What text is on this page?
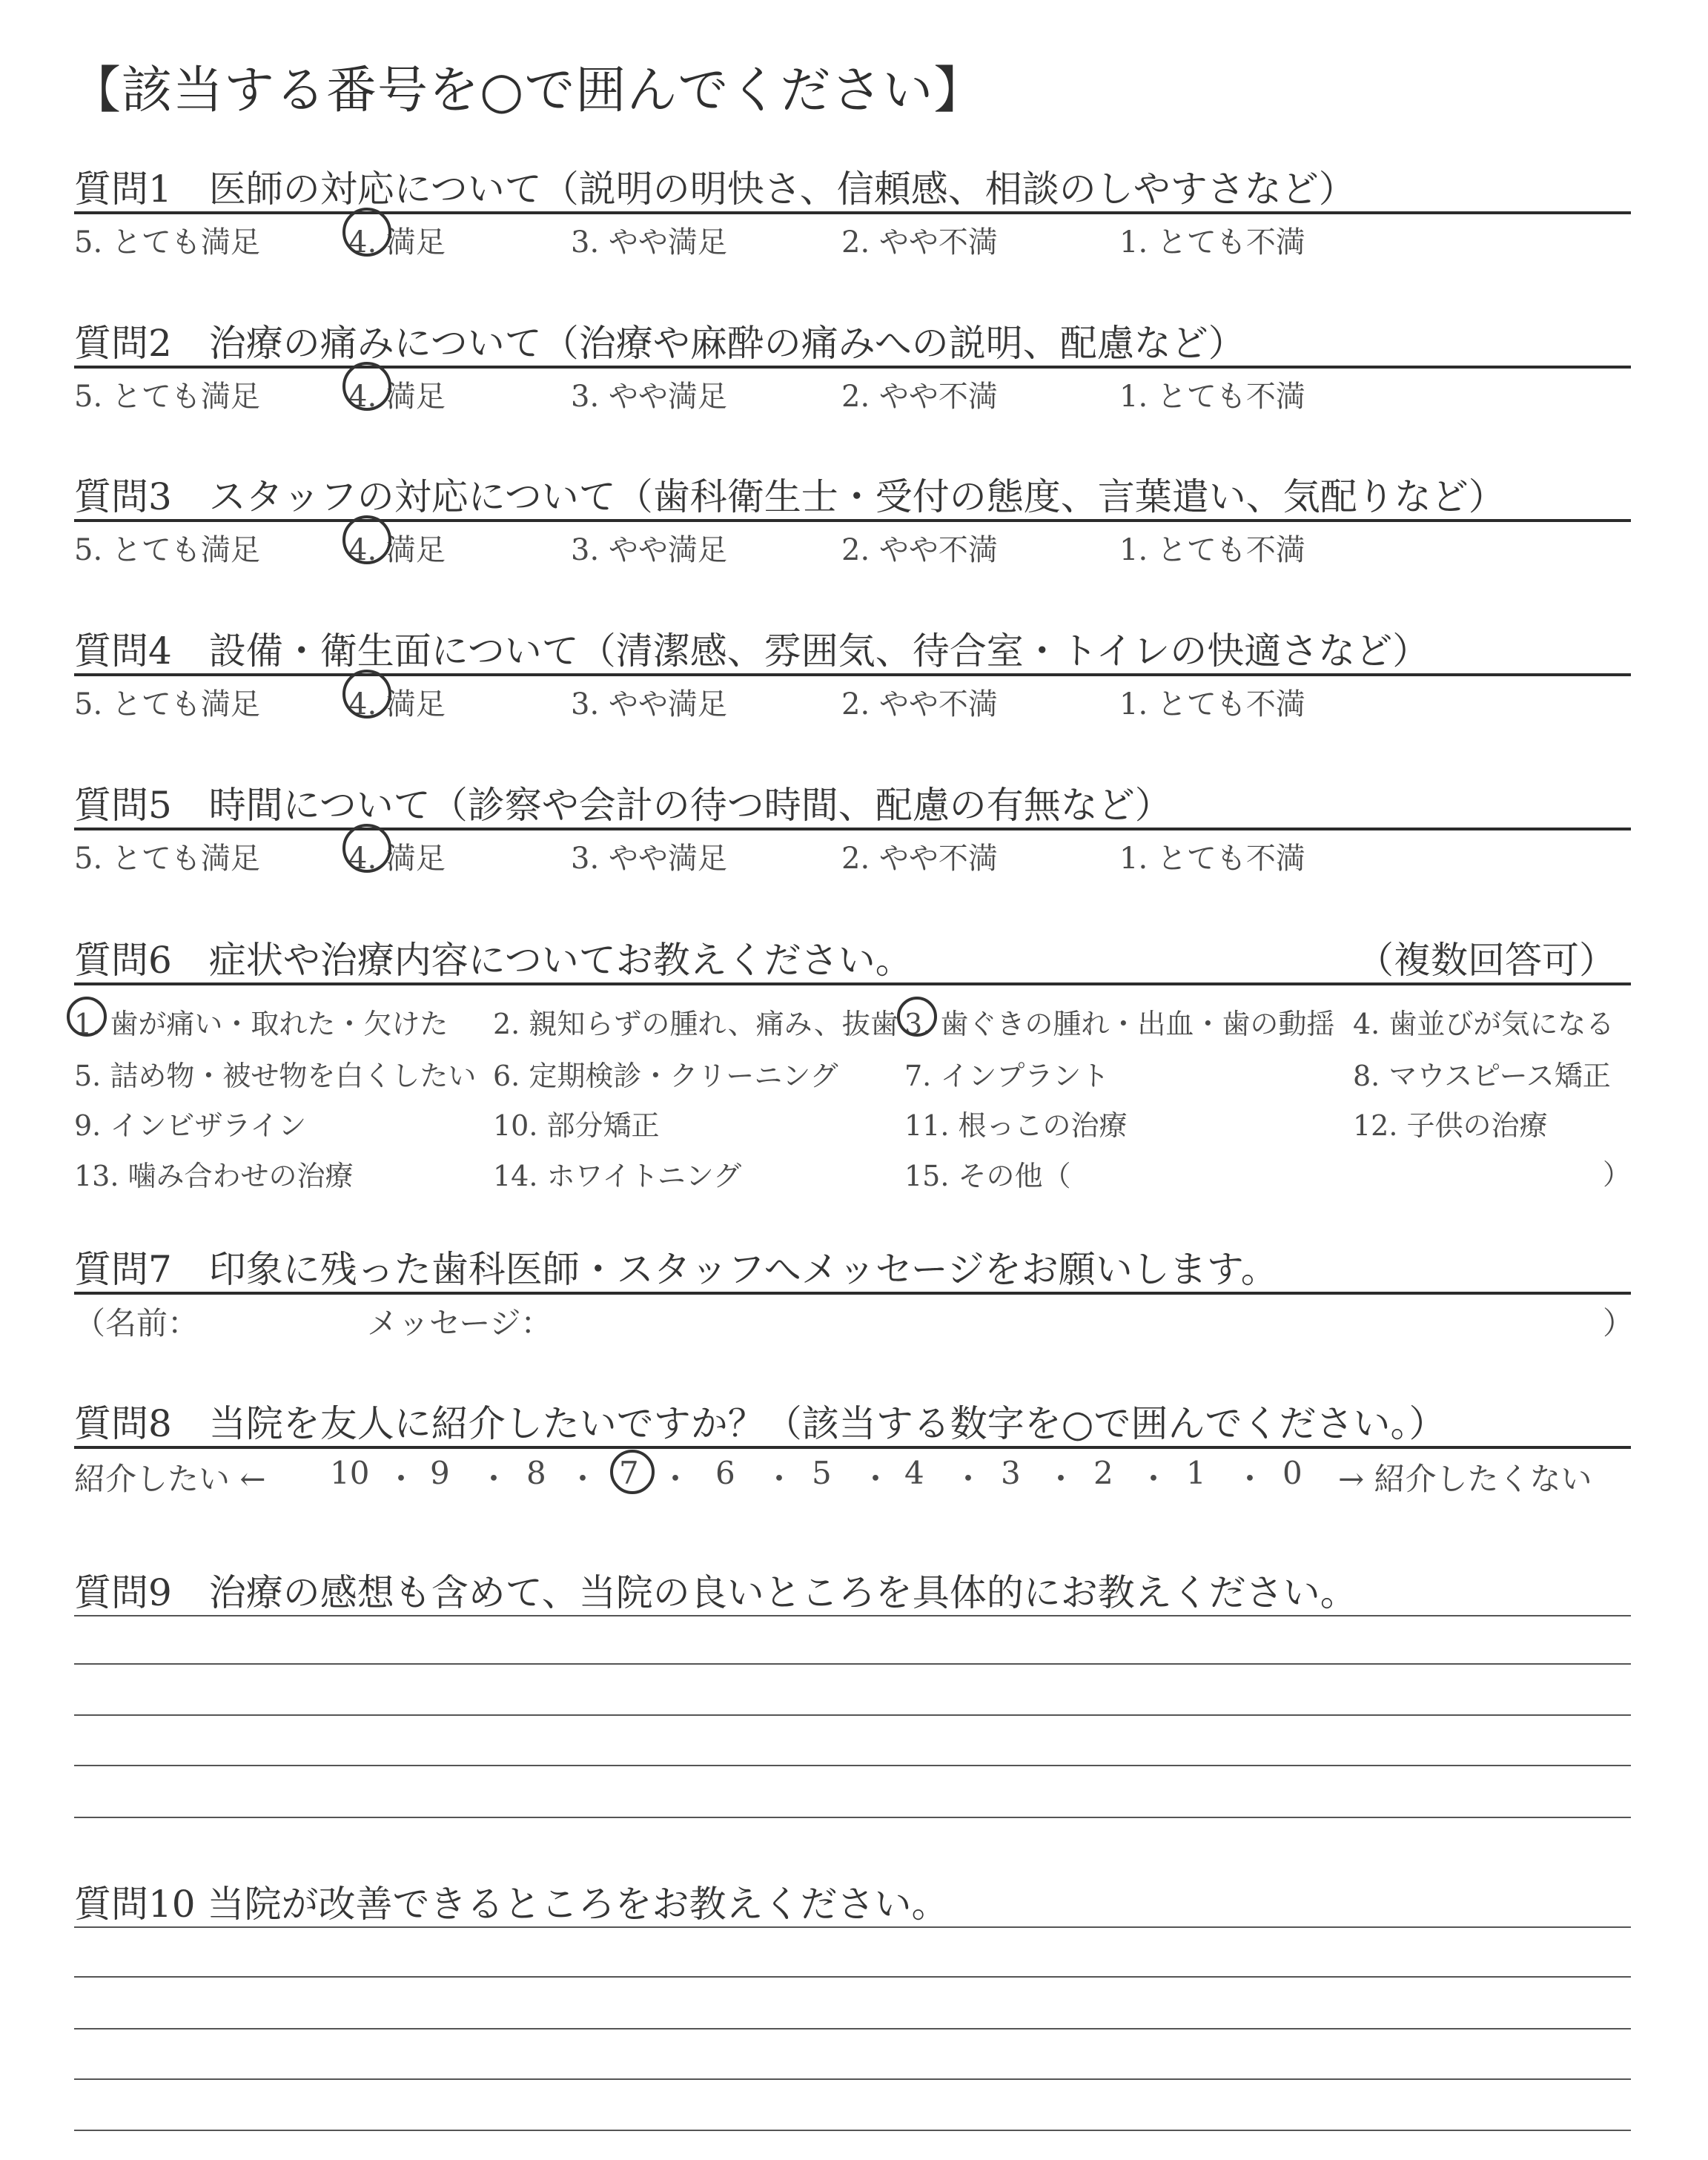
【該当する番号を○で囲んでください】
質問1　医師の対応について（説明の明快さ、信頼感、相談のしやすさなど）
5. とても満足	4. 満足	3. やや満足	2. やや不満	1. とても不満
質問2　治療の痛みについて（治療や麻酔の痛みへの説明、配慮など）
5. とても満足	4. 満足	3. やや満足	2. やや不満	1. とても不満
質問3　スタッフの対応について（歯科衛生士・受付の態度、言葉遣い、気配りなど）
5. とても満足	4. 満足	3. やや満足	2. やや不満	1. とても不満
質問4　設備・衛生面について（清潔感、雰囲気、待合室・トイレの快適さなど）
5. とても満足	4. 満足	3. やや満足	2. やや不満	1. とても不満
質問5　時間について（診察や会計の待つ時間、配慮の有無など）
5. とても満足	4. 満足	3. やや満足	2. やや不満	1. とても不満
質問6　症状や治療内容についてお教えください。	（複数回答可）
1. 歯が痛い・取れた・欠けた 2. 親知らずの腫れ、痛み、抜歯 3. 歯ぐきの腫れ・出血・歯の動揺 4. 歯並びが気になる
5. 詰め物・被せ物を白くしたい 6. 定期検診・クリーニング 7. インプラント	8. マウスピース矯正
9. インビザライン	10. 部分矯正	11. 根っこの治療	12. 子供の治療
13. 噛み合わせの治療	14. ホワイトニング	15. その他（	）
質問7　印象に残った歯科医師・スタッフへメッセージをお願いします。
（名前：	メッセージ：	）
質問8　当院を友人に紹介したいですか？（該当する数字を○で囲んでください。）
紹介したい ← 10 ・ 9 ・ 8 ・ 7 ・ 6 ・ 5 ・ 4 ・ 3 ・ 2 ・ 1 ・ 0 → 紹介したくない
質問9　治療の感想も含めて、当院の良いところを具体的にお教えください。
質問10 当院が改善できるところをお教えください。
